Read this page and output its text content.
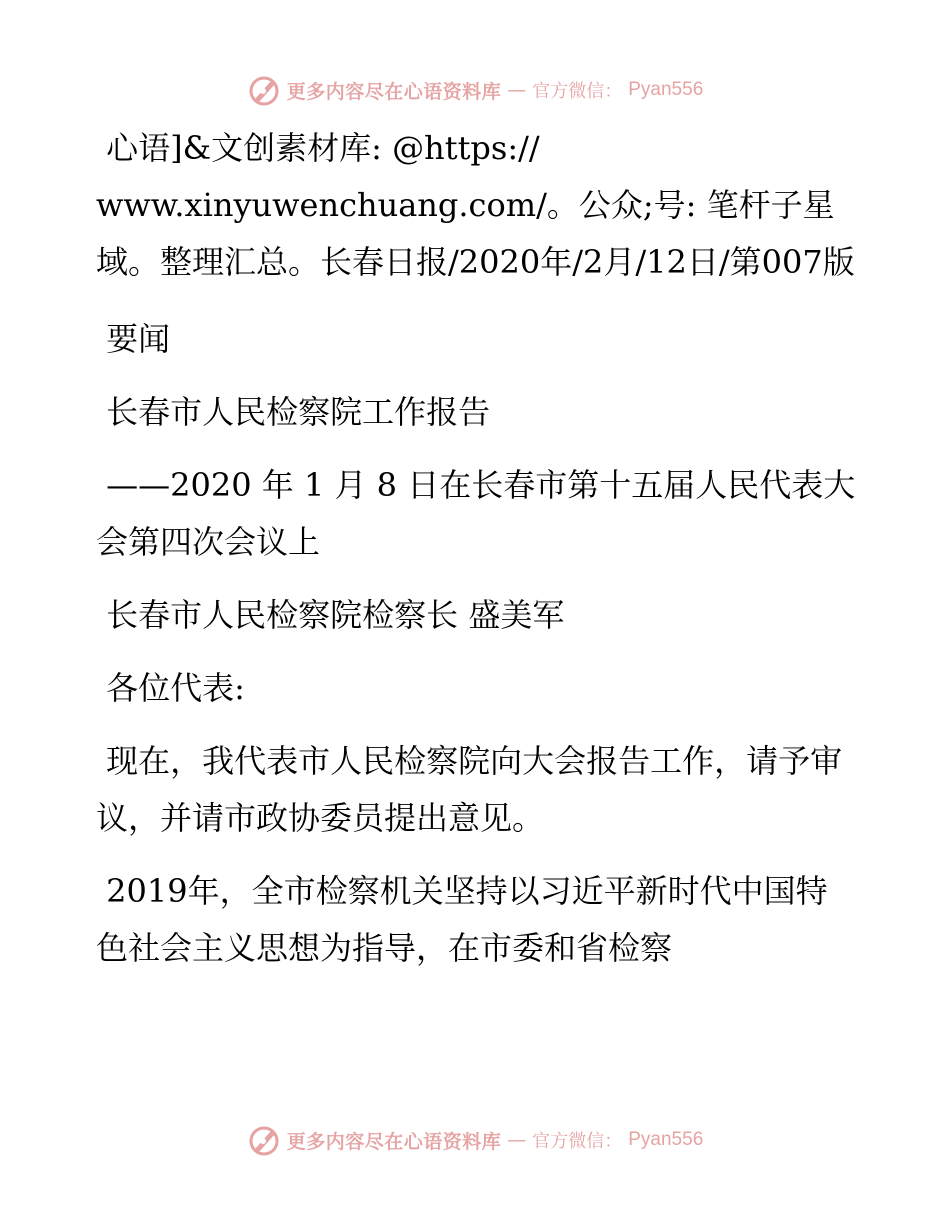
更多内容尽在心语资料库 — 官方微信： Pyan556

心语]&文创素材库: @https://
www.xinyuwenchuang.com/。公众;号: 笔杆子星域。整理汇总。长春日报/2020年/2月/12日/第007版

要闻

长春市人民检察院工作报告

——2020 年 1 月 8 日在长春市第十五届人民代表大会第四次会议上

长春市人民检察院检察长 盛美军

各位代表:

现在，我代表市人民检察院向大会报告工作，请予审议，并请市政协委员提出意见。

2019年，全市检察机关坚持以习近平新时代中国特色社会主义思想为指导，在市委和省检察

更多内容尽在心语资料库 — 官方微信： Pyan556
